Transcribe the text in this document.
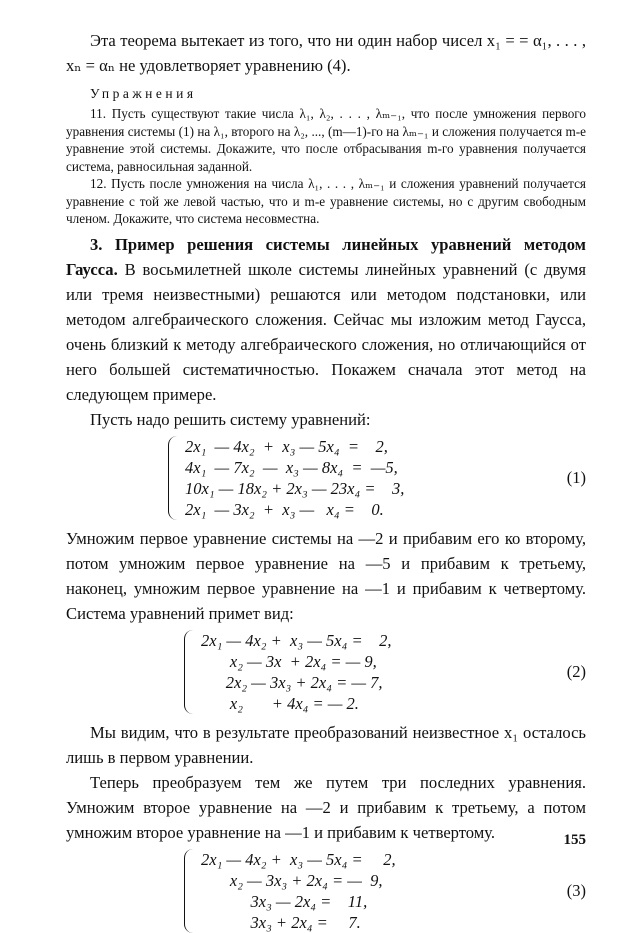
Эта теорема вытекает из того, что ни один набор чисел x₁ = = α₁, . . . , xₙ = αₙ не удовлетворяет уравнению (4).

Упражнения

11. Пусть существуют такие числа λ₁, λ₂, . . . , λₘ₋₁, что после умножения первого уравнения системы (1) на λ₁, второго на λ₂, ..., (m—1)-го на λₘ₋₁ и сложения получается m-е уравнение этой системы. Докажите, что после отбрасывания m-го уравнения получается система, равносильная заданной.

12. Пусть после умножения на числа λ₁, . . . , λₘ₋₁ и сложения уравнений получается уравнение с той же левой частью, что и m-е уравнение системы, но с другим свободным членом. Докажите, что система несовместна.

3. Пример решения системы линейных уравнений методом Гаусса. В восьмилетней школе системы линейных уравнений (с двумя или тремя неизвестными) решаются или методом подстановки, или методом алгебраического сложения. Сейчас мы изложим метод Гаусса, очень близкий к методу алгебраического сложения, но отличающийся от него большей систематичностью. Покажем сначала этот метод на следующем примере.

Пусть надо решить систему уравнений:

2x₁  — 4x₂  +  x₃ — 5x₄  =    2,
4x₁  — 7x₂  —  x₃ — 8x₄  =  —5,
10x₁ — 18x₂ + 2x₃ — 23x₄ =    3,
2x₁  — 3x₂  +  x₃ —   x₄ =    0.
(1)

Умножим первое уравнение системы на —2 и прибавим его ко второму, потом умножим первое уравнение на —5 и прибавим к третьему, наконец, умножим первое уравнение на —1 и прибавим к четвертому. Система уравнений примет вид:

2x₁ — 4x₂ +  x₃ — 5x₄ =    2,
x₂ — 3x  + 2x₄ = — 9,
2x₂ — 3x₃ + 2x₄ = — 7,
x₂       + 4x₄ = — 2.
(2)

Мы видим, что в результате преобразований неизвестное x₁ осталось лишь в первом уравнении.

Теперь преобразуем тем же путем три последних уравнения. Умножим второе уравнение на —2 и прибавим к третьему, а потом умножим второе уравнение на —1 и прибавим к четвертому.

2x₁ — 4x₂ +  x₃ — 5x₄ =     2,
x₂ — 3x₃ + 2x₄ = —  9,
3x₃ — 2x₄ =    11,
3x₃ + 2x₄ =     7.
(3)
155
